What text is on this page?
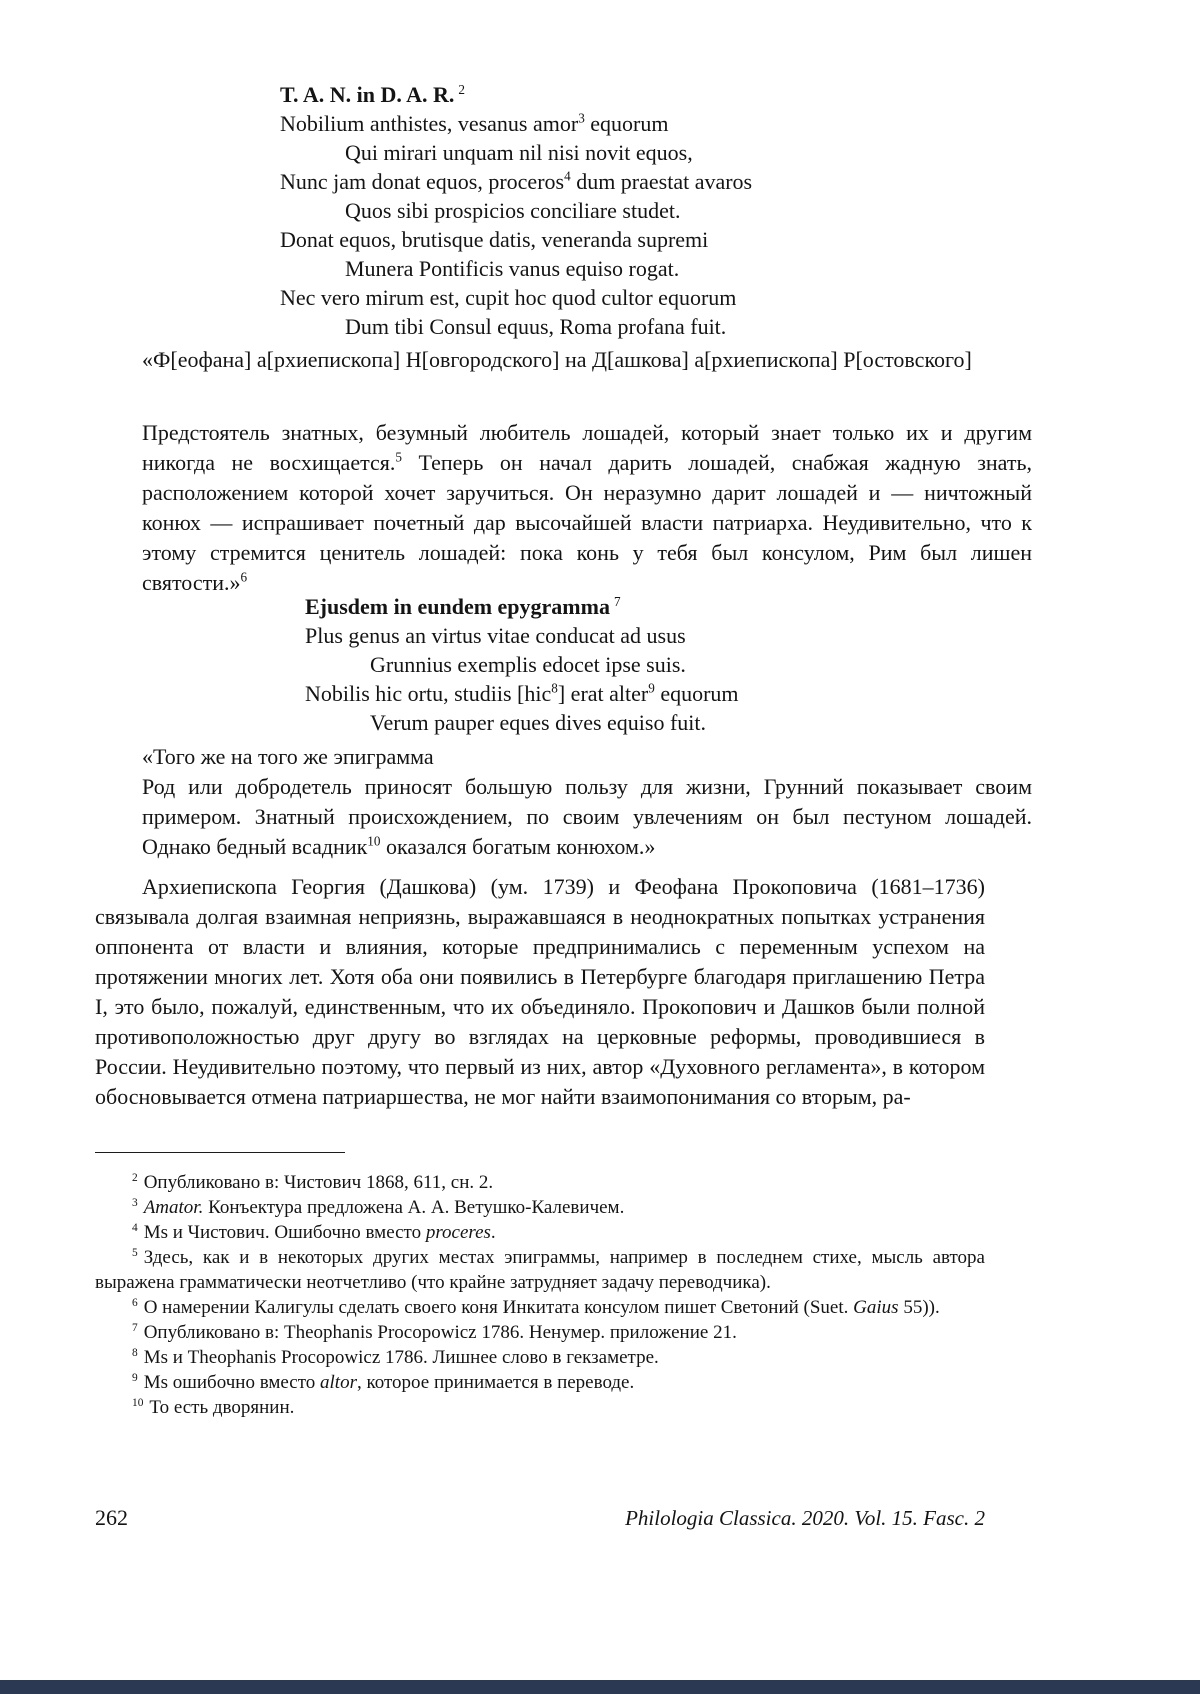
T. A. N. in D. A. R. $^2$
Nobilium anthistes, vesanus amor$^3$ equorum
Qui mirari unquam nil nisi novit equos,
Nunc jam donat equos, proceros$^4$ dum praestat avaros
Quos sibi prospicios conciliare studet.
Donat equos, brutisque datis, veneranda supremi
Munera Pontificis vanus equiso rogat.
Nec vero mirum est, cupit hoc quod cultor equorum
Dum tibi Consul equus, Roma profana fuit.

«Ф[еофана] а[рхиепископа] Н[овгородского] на Д[ашкова] а[рхиепископа] Р[остовского]

Предстоятель знатных, безумный любитель лошадей, который знает только их и другим никогда не восхищается.$^5$ Теперь он начал дарить лошадей, снабжая жадную знать, расположением которой хочет заручиться. Он неразумно дарит лошадей и — ничтожный конюх — испрашивает почетный дар высочайшей власти патриарха. Неудивительно, что к этому стремится ценитель лошадей: пока конь у тебя был консулом, Рим был лишен святости.»$^6$

Ejusdem in eundem epygramma $^7$
Plus genus an virtus vitae conducat ad usus
Grunnius exemplis edocet ipse suis.
Nobilis hic ortu, studiis [hic$^8$] erat alter$^9$ equorum
Verum pauper eques dives equiso fuit.

«Того же на того же эпиграмма

Род или добродетель приносят большую пользу для жизни, Грунний показывает своим примером. Знатный происхождением, по своим увлечениям он был пестуном лошадей. Однако бедный всадник$^{10}$ оказался богатым конюхом.»

Архиепископа Георгия (Дашкова) (ум. 1739) и Феофана Прокоповича (1681–1736) связывала долгая взаимная неприязнь, выражавшаяся в неоднократных попытках устранения оппонента от власти и влияния, которые предпринимались с переменным успехом на протяжении многих лет. Хотя оба они появились в Петербурге благодаря приглашению Петра I, это было, пожалуй, единственным, что их объединяло. Прокопович и Дашков были полной противоположностью друг другу во взглядах на церковные реформы, проводившиеся в России. Неудивительно поэтому, что первый из них, автор «Духовного регламента», в котором обосновывается отмена патриаршества, не мог найти взаимопонимания со вторым, ра-

$^2$ Опубликовано в: Чистович 1868, 611, сн. 2.

$^3$ Amator. Конъектура предложена А. А. Ветушко-Калевичем.

$^4$ Ms и Чистович. Ошибочно вместо proceres.

$^5$ Здесь, как и в некоторых других местах эпиграммы, например в последнем стихе, мысль автора выражена грамматически неотчетливо (что крайне затрудняет задачу переводчика).

$^6$ О намерении Калигулы сделать своего коня Инкитата консулом пишет Светоний (Suet. Gaius 55)).

$^7$ Опубликовано в: Theophanis Procopowicz 1786. Ненумер. приложение 21.

$^8$ Ms и Theophanis Procopowicz 1786. Лишнее слово в гекзаметре.

$^9$ Ms ошибочно вместо altor, которое принимается в переводе.

$^{10}$ То есть дворянин.

262	Philologia Classica. 2020. Vol. 15. Fasc. 2
